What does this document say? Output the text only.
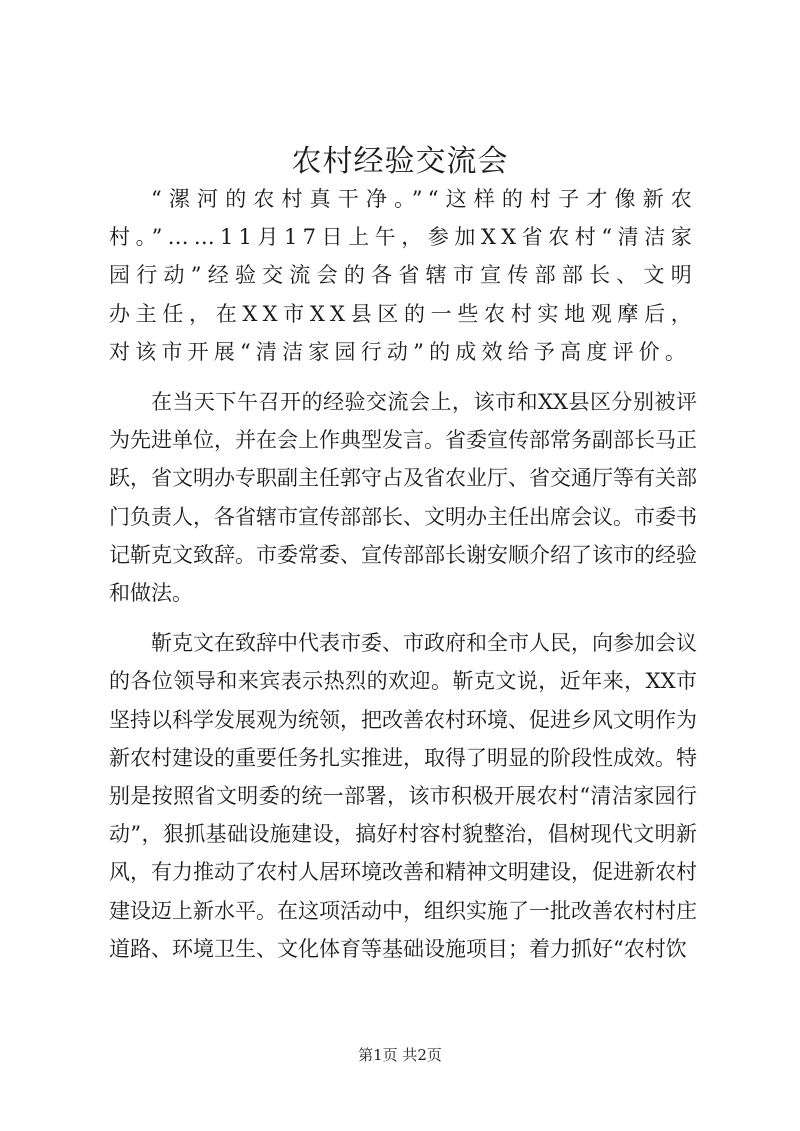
农村经验交流会

“漯河的农村真干净。”“这样的村子才像新农村。”……11月17日上午，参加XX省农村“清洁家园行动”经验交流会的各省辖市宣传部部长、文明办主任，在XX市XX县区的一些农村实地观摩后，对该市开展“清洁家园行动”的成效给予高度评价。

在当天下午召开的经验交流会上，该市和XX县区分别被评为先进单位，并在会上作典型发言。省委宣传部常务副部长马正跃，省文明办专职副主任郭守占及省农业厅、省交通厅等有关部门负责人，各省辖市宣传部部长、文明办主任出席会议。市委书记靳克文致辞。市委常委、宣传部部长谢安顺介绍了该市的经验和做法。

靳克文在致辞中代表市委、市政府和全市人民，向参加会议的各位领导和来宾表示热烈的欢迎。靳克文说，近年来，XX市坚持以科学发展观为统领，把改善农村环境、促进乡风文明作为新农村建设的重要任务扎实推进，取得了明显的阶段性成效。特别是按照省文明委的统一部署，该市积极开展农村“清洁家园行动”，狠抓基础设施建设，搞好村容村貌整治，倡树现代文明新风，有力推动了农村人居环境改善和精神文明建设，促进新农村建设迈上新水平。在这项活动中，组织实施了一批改善农村村庄道路、环境卫生、文化体育等基础设施项目；着力抓好“农村饮

第1页 共2页
